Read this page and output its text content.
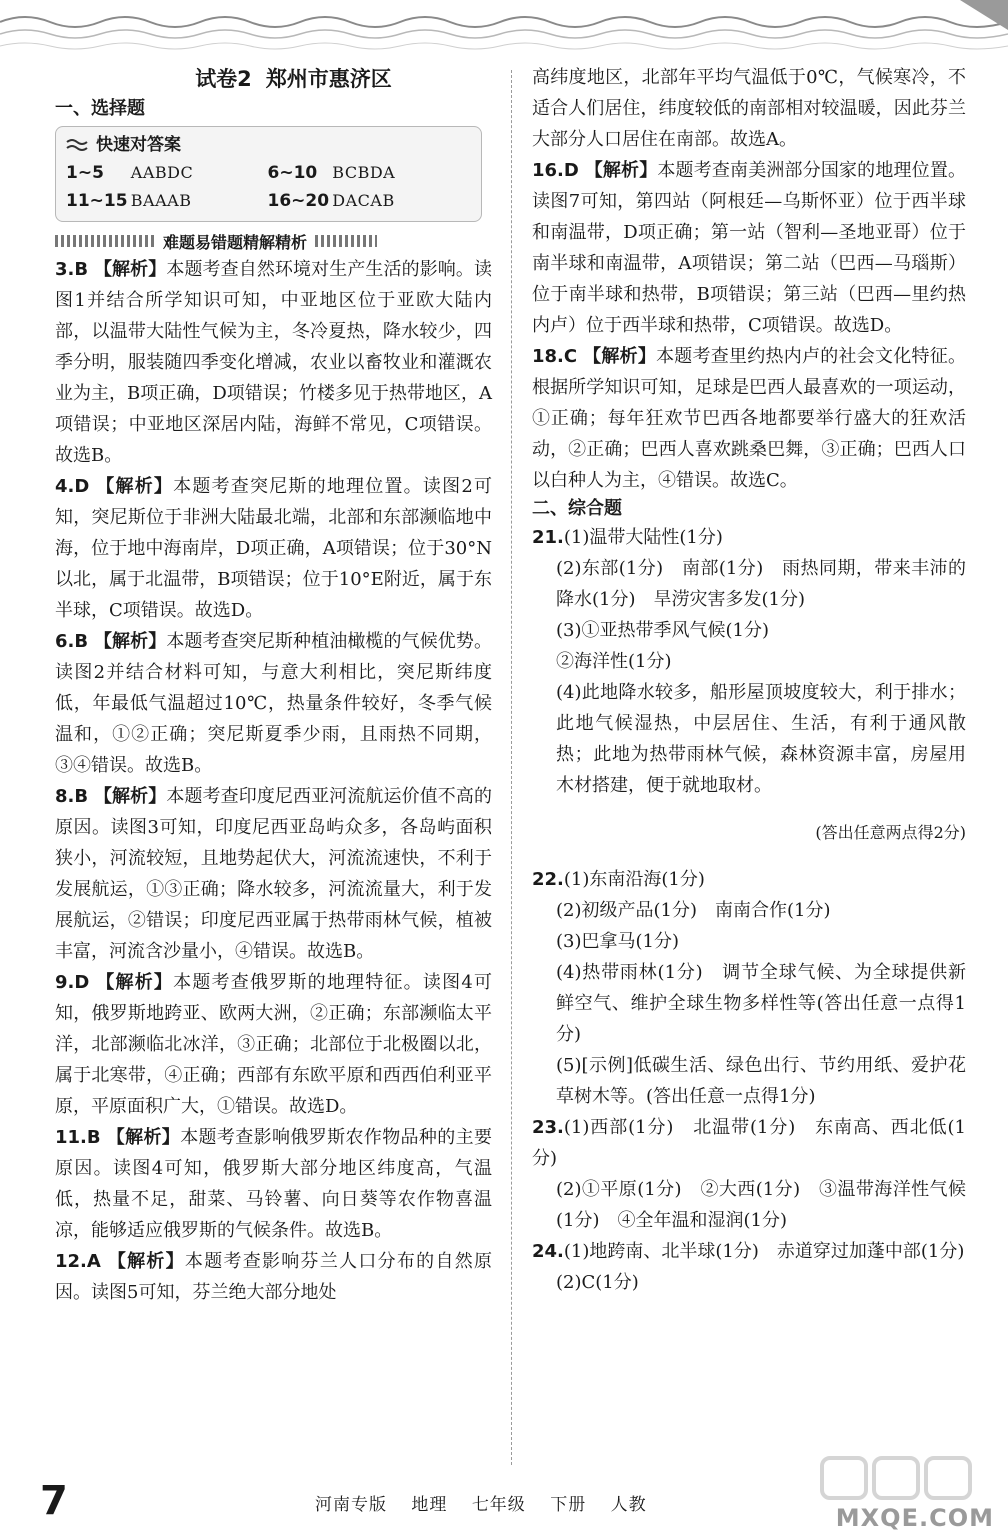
试卷2 郑州市惠济区
一、选择题
快速对答案
1~5	AABDC	6~10 BCBDA
11~15 BAAAB	16~20 DACAB
难题易错题精解精析

3.B 【解析】本题考查自然环境对生产生活的影响。读图1并结合所学知识可知，中亚地区位于亚欧大陆内部，以温带大陆性气候为主，冬冷夏热，降水较少，四季分明，服装随四季变化增减，农业以畜牧业和灌溉农业为主，B项正确，D项错误；竹楼多见于热带地区，A项错误；中亚地区深居内陆，海鲜不常见，C项错误。故选B。

4.D 【解析】本题考查突尼斯的地理位置。读图2可知，突尼斯位于非洲大陆最北端，北部和东部濒临地中海，位于地中海南岸，D项正确，A项错误；位于30°N以北，属于北温带，B项错误；位于10°E附近，属于东半球，C项错误。故选D。

6.B 【解析】本题考查突尼斯种植油橄榄的气候优势。读图2并结合材料可知，与意大利相比，突尼斯纬度低，年最低气温超过10℃，热量条件较好，冬季气候温和，①②正确；突尼斯夏季少雨，且雨热不同期，③④错误。故选B。

8.B 【解析】本题考查印度尼西亚河流航运价值不高的原因。读图3可知，印度尼西亚岛屿众多，各岛屿面积狭小，河流较短，且地势起伏大，河流流速快，不利于发展航运，①③正确；降水较多，河流流量大，利于发展航运，②错误；印度尼西亚属于热带雨林气候，植被丰富，河流含沙量小，④错误。故选B。

9.D 【解析】本题考查俄罗斯的地理特征。读图4可知，俄罗斯地跨亚、欧两大洲，②正确；东部濒临太平洋，北部濒临北冰洋，③正确；北部位于北极圈以北，属于北寒带，④正确；西部有东欧平原和西西伯利亚平原，平原面积广大，①错误。故选D。

11.B 【解析】本题考查影响俄罗斯农作物品种的主要原因。读图4可知，俄罗斯大部分地区纬度高，气温低，热量不足，甜菜、马铃薯、向日葵等农作物喜温凉，能够适应俄罗斯的气候条件。故选B。

12.A 【解析】本题考查影响芬兰人口分布的自然原因。读图5可知，芬兰绝大部分地处

高纬度地区，北部年平均气温低于0℃，气候寒冷，不适合人们居住，纬度较低的南部相对较温暖，因此芬兰大部分人口居住在南部。故选A。

16.D 【解析】本题考查南美洲部分国家的地理位置。读图7可知，第四站（阿根廷—乌斯怀亚）位于西半球和南温带，D项正确；第一站（智利—圣地亚哥）位于南半球和南温带，A项错误；第二站（巴西—马瑙斯）位于南半球和热带，B项错误；第三站（巴西—里约热内卢）位于西半球和热带，C项错误。故选D。

18.C 【解析】本题考查里约热内卢的社会文化特征。根据所学知识可知，足球是巴西人最喜欢的一项运动，①正确；每年狂欢节巴西各地都要举行盛大的狂欢活动，②正确；巴西人喜欢跳桑巴舞，③正确；巴西人口以白种人为主，④错误。故选C。

二、综合题

21.(1)温带大陆性(1分)

(2)东部(1分)　南部(1分)　雨热同期，带来丰沛的降水(1分)　旱涝灾害多发(1分)

(3)①亚热带季风气候(1分)

②海洋性(1分)

(4)此地降水较多，船形屋顶坡度较大，利于排水；此地气候湿热，中层居住、生活，有利于通风散热；此地为热带雨林气候，森林资源丰富，房屋用木材搭建，便于就地取材。

(答出任意两点得2分)

22.(1)东南沿海(1分)

(2)初级产品(1分)　南南合作(1分)

(3)巴拿马(1分)

(4)热带雨林(1分)　调节全球气候、为全球提供新鲜空气、维护全球生物多样性等(答出任意一点得1分)

(5)[示例]低碳生活、绿色出行、节约用纸、爱护花草树木等。(答出任意一点得1分)

23.(1)西部(1分)　北温带(1分)　东南高、西北低(1分)

(2)①平原(1分)　②大西(1分)　③温带海洋性气候(1分)　④全年温和湿润(1分)

24.(1)地跨南、北半球(1分)　赤道穿过加蓬中部(1分)

(2)C(1分)

7	河南专版 地理 七年级 下册 人教	MXQE.COM
